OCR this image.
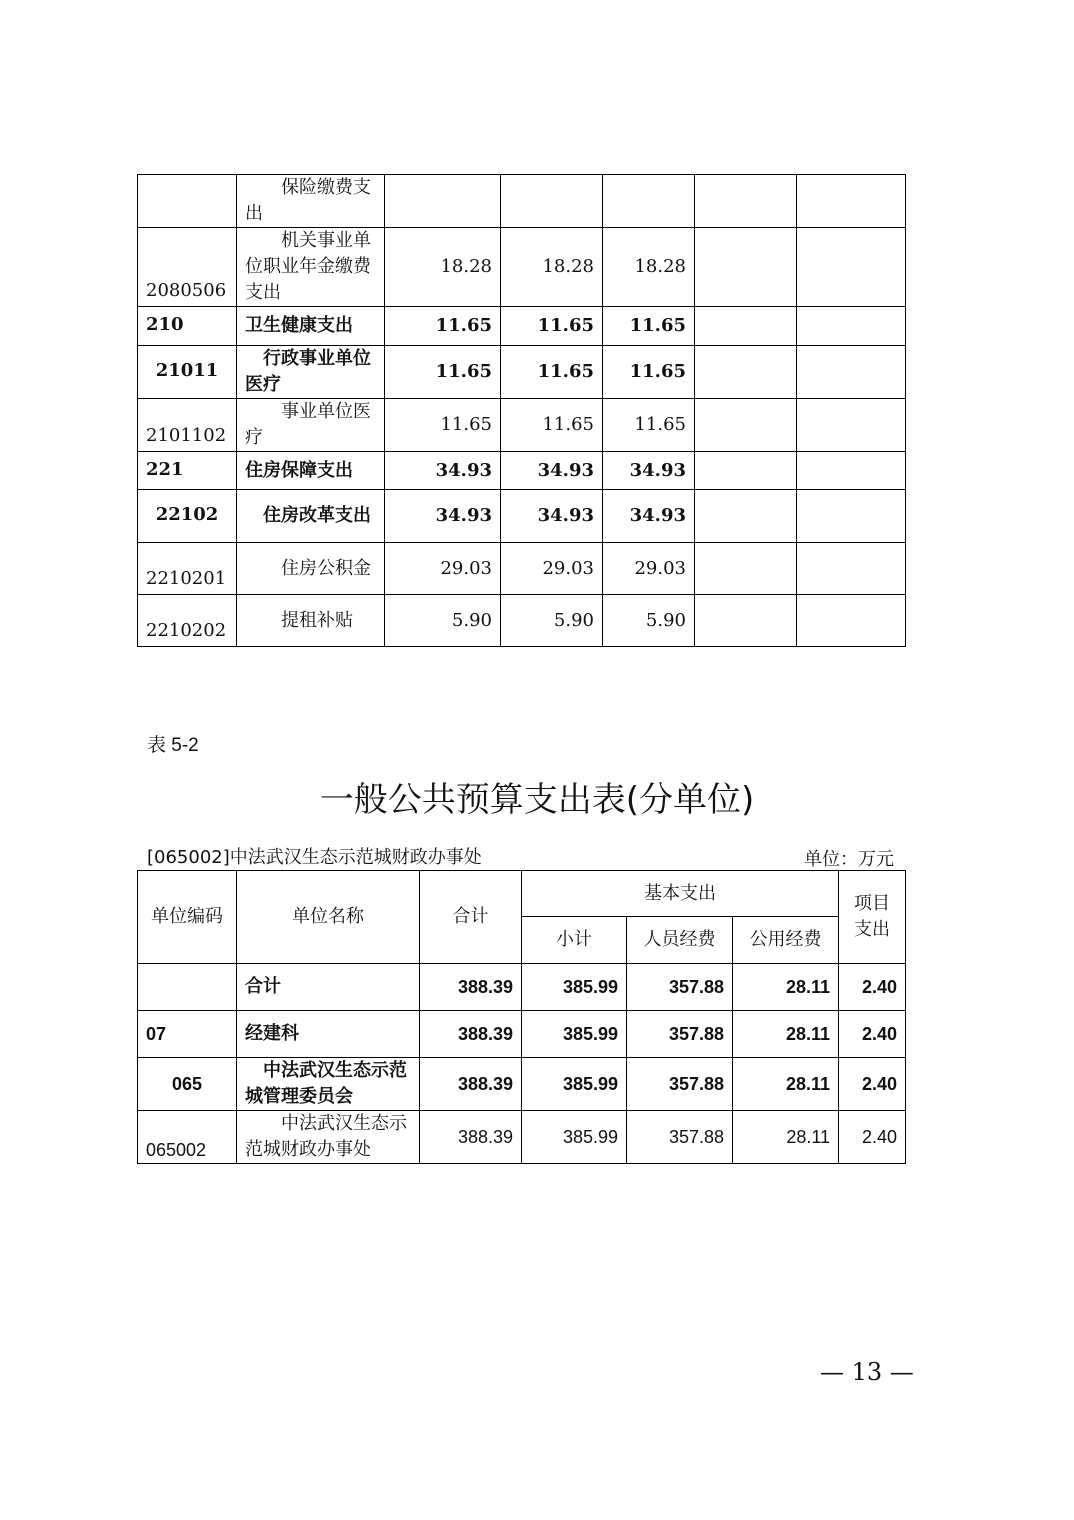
	保险缴费支出					
2080506	机关事业单位职业年金缴费支出	18.28	18.28	18.28		
210	卫生健康支出	11.65	11.65	11.65		
21011	行政事业单位医疗	11.65	11.65	11.65		
2101102	事业单位医疗	11.65	11.65	11.65		
221	住房保障支出	34.93	34.93	34.93		
22102	住房改革支出	34.93	34.93	34.93		
2210201	住房公积金	29.03	29.03	29.03		
2210202	提租补贴	5.90	5.90	5.90		
表 5-2
一般公共预算支出表(分单位)
[065002]中法武汉生态示范城财政办事处	单位：万元
单位编码	单位名称	合计	基本支出			项目支出
			小计	人员经费	公用经费	
	合计	388.39	385.99	357.88	28.11	2.40
07	经建科	388.39	385.99	357.88	28.11	2.40
065	中法武汉生态示范城管理委员会	388.39	385.99	357.88	28.11	2.40
065002	中法武汉生态示范城财政办事处	388.39	385.99	357.88	28.11	2.40
— 13 —
